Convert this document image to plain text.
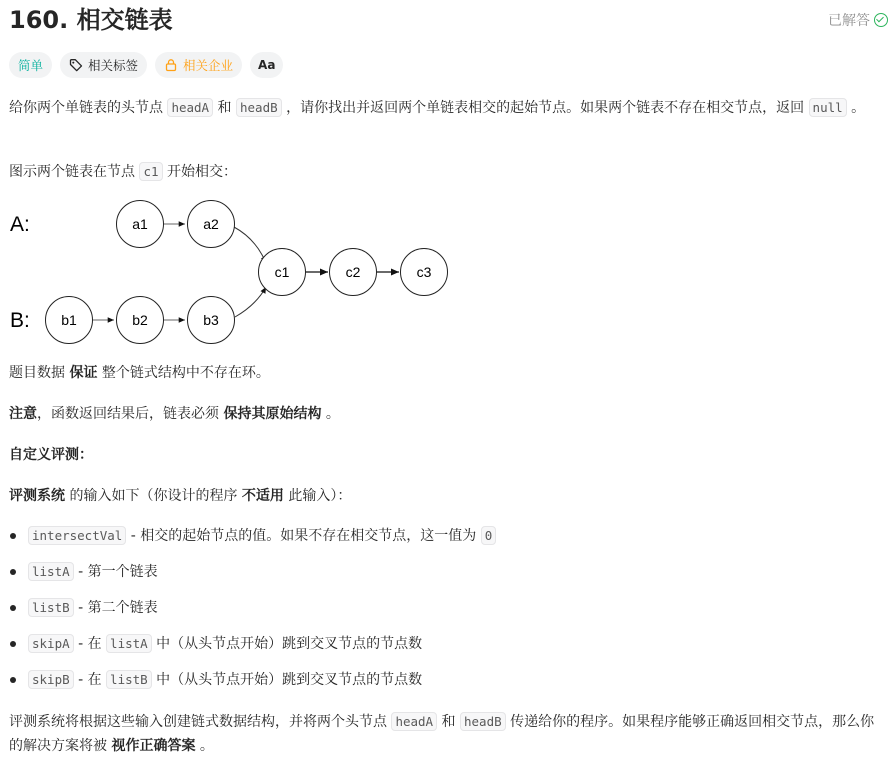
160. 相交链表	已解答
简单	相关标签	相关企业 Aa
给你两个单链表的头节点 headA 和 headB ，请你找出并返回两个单链表相交的起始节点。如果两个链表不存在相交节点，返回 null 。
图示两个链表在节点 c1 开始相交：
A:
B:
a1	a2
b1	b2	b3
c1	c2	c3
题目数据 保证 整个链式结构中不存在环。
注意，函数返回结果后，链表必须 保持其原始结构 。
自定义评测：
评测系统 的输入如下（你设计的程序 不适用 此输入）：
intersectVal - 相交的起始节点的值。如果不存在相交节点，这一值为 0
listA - 第一个链表
listB - 第二个链表
skipA - 在 listA 中（从头节点开始）跳到交叉节点的节点数
skipB - 在 listB 中（从头节点开始）跳到交叉节点的节点数
评测系统将根据这些输入创建链式数据结构，并将两个头节点 headA 和 headB 传递给你的程序。如果程序能够正确返回相交节点，那么你的解决方案将被 视作正确答案 。
